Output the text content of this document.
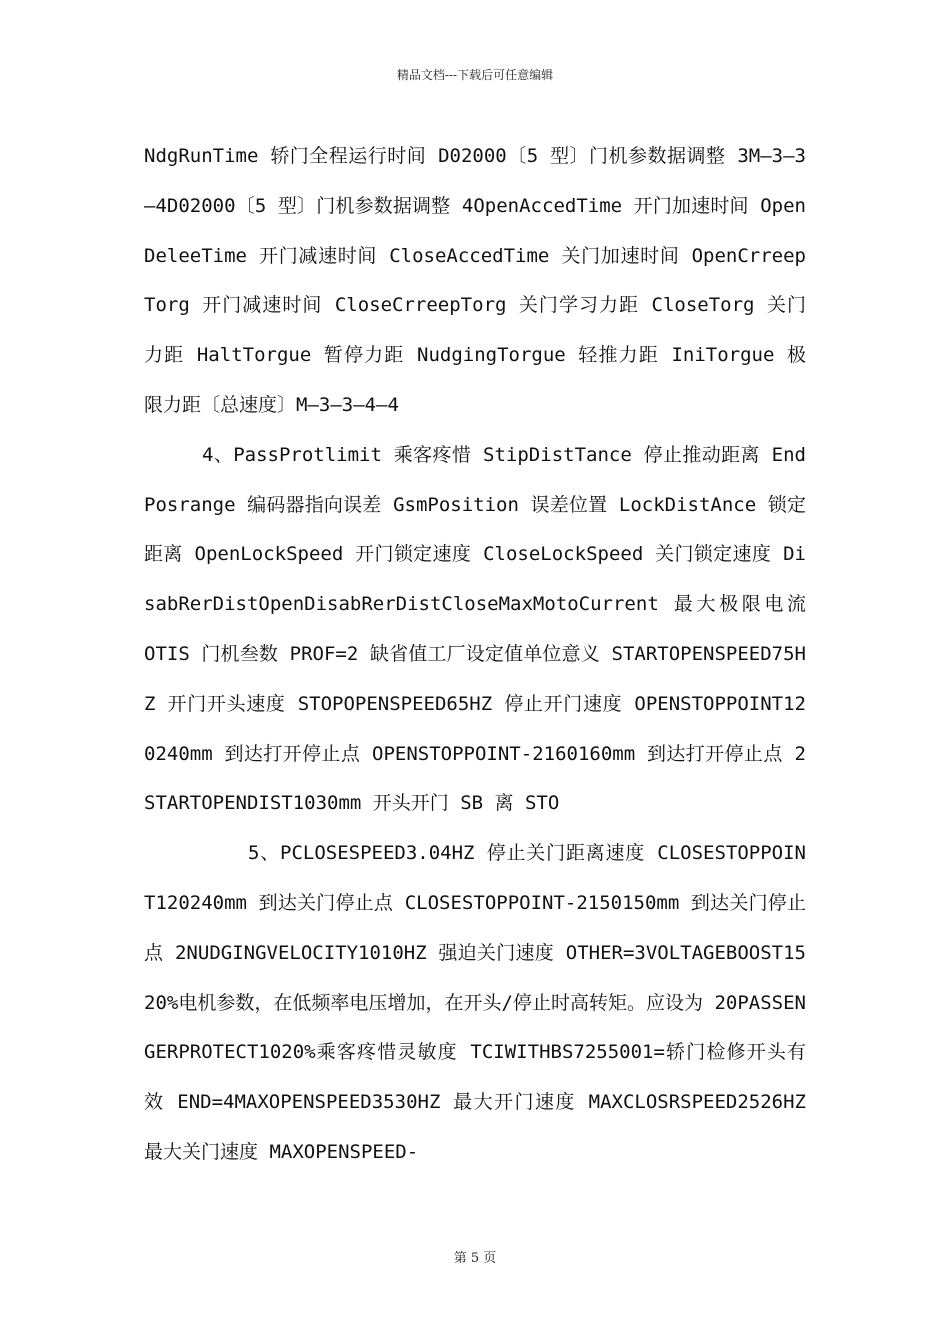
精品文档---下载后可任意编辑

NdgRunTime 轿门全程运行时间 D02000〔5 型〕门机参数据调整 3M—3—3—4D02000〔5 型〕门机参数据调整 4OpenAccedTime 开门加速时间 OpenDeleeTime 开门减速时间 CloseAccedTime 关门加速时间 OpenCrreepTorg 开门减速时间 CloseCrreepTorg 关门学习力距 CloseTorg 关门力距 HaltTorgue 暂停力距 NudgingTorgue 轻推力距 IniTorgue 极限力距〔总速度〕M—3—3—4—4

4、PassProtlimit 乘客疼惜 StipDistTance 停止推动距离 EndPosrange 编码器指向误差 GsmPosition 误差位置 LockDistAnce 锁定距离 OpenLockSpeed 开门锁定速度 CloseLockSpeed 关门锁定速度 DisabRerDistOpenDisabRerDistCloseMaxMotoCurrent 最大极限电流 OTIS 门机叁数 PROF=2 缺省值工厂设定值单位意义 STARTOPENSPEED75HZ 开门开头速度 STOPOPENSPEED65HZ 停止开门速度 OPENSTOPPOINT120240mm 到达打开停止点 OPENSTOPPOINT-2160160mm 到达打开停止点 2STARTOPENDIST1030mm 开头开门 SB 离 STO

5、PCLOSESPEED3.04HZ 停止关门距离速度 CLOSESTOPPOINT120240mm 到达关门停止点 CLOSESTOPPOINT-2150150mm 到达关门停止点 2NUDGINGVELOCITY1010HZ 强迫关门速度 OTHER=3VOLTAGEBOOST1520%电机参数，在低频率电压增加，在开头/停止时高转矩。应设为 20PASSENGERPROTECT1020%乘客疼惜灵敏度 TCIWITHBS7255001=轿门检修开头有效 END=4MAXOPENSPEED3530HZ 最大开门速度 MAXCLOSRSPEED2526HZ 最大关门速度 MAXOPENSPEED-

第 5 页
